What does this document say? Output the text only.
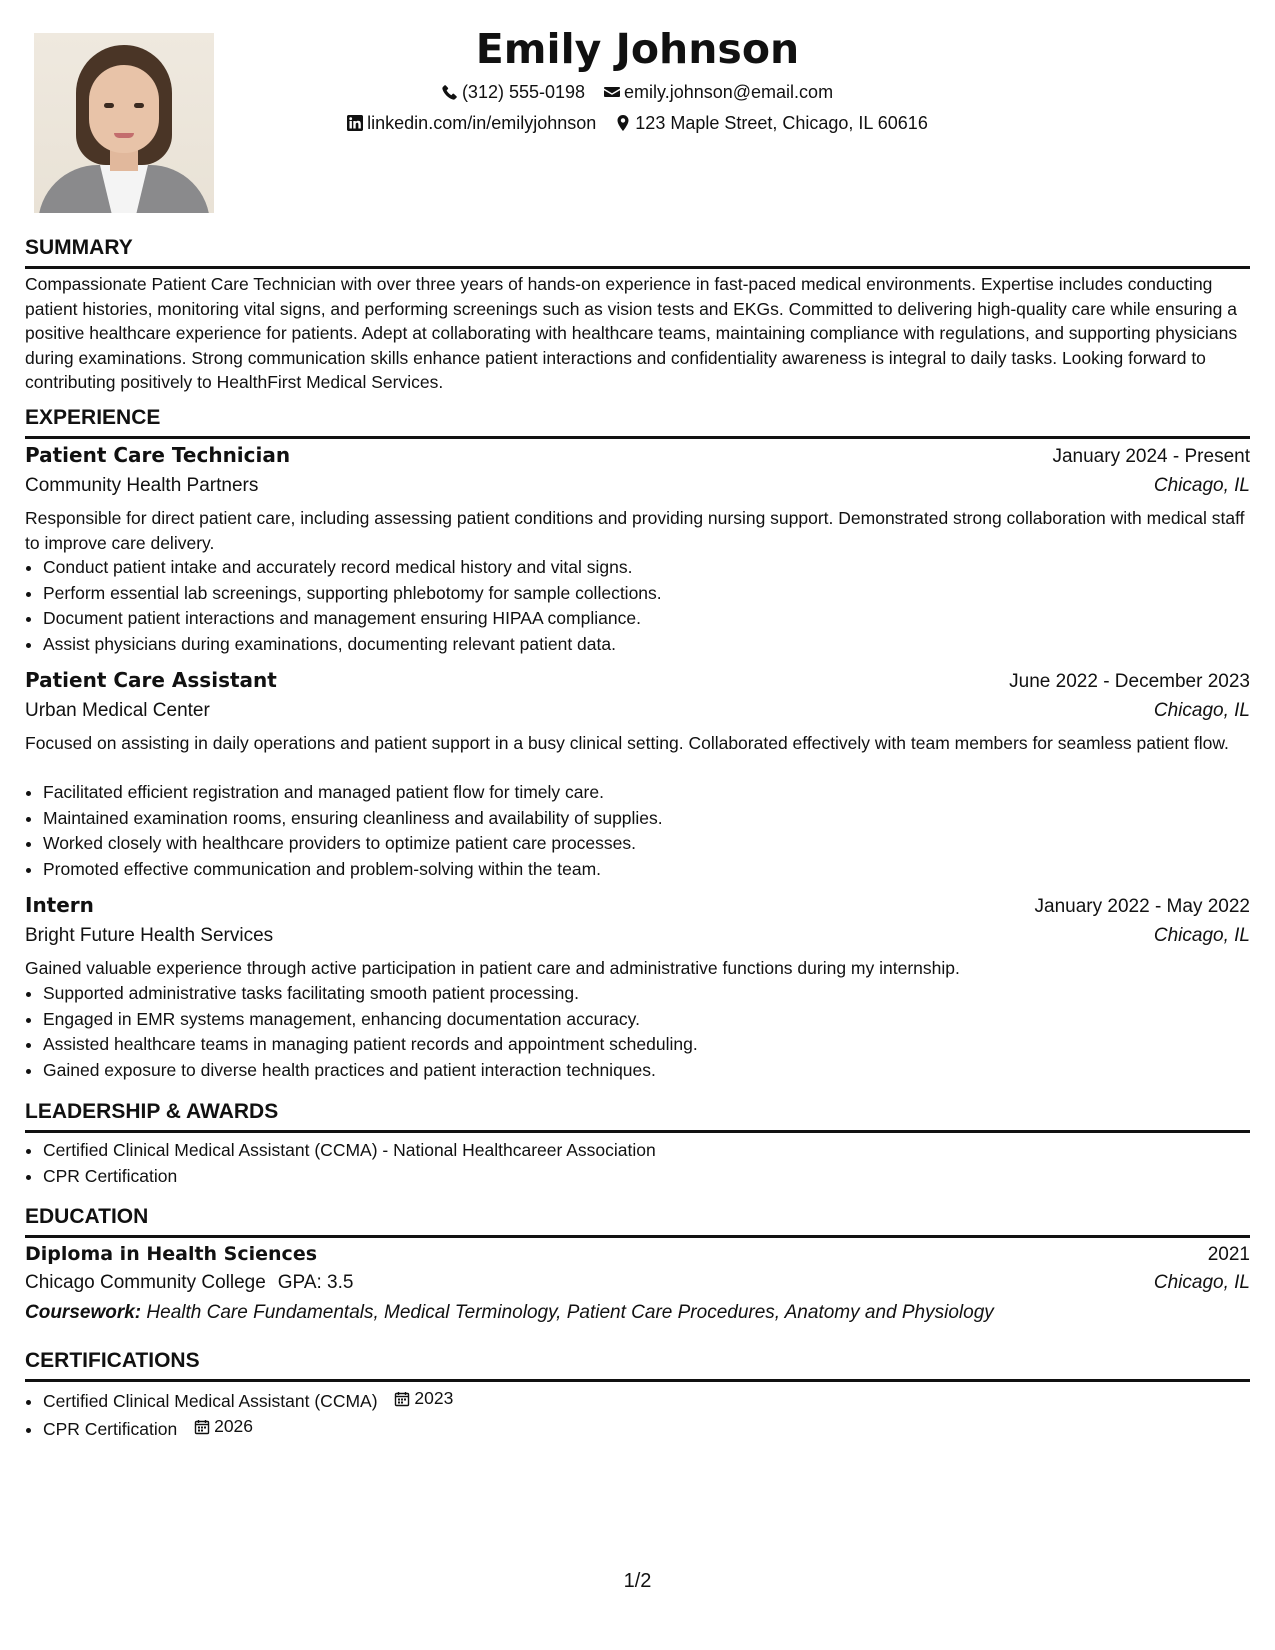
Emily Johnson
(312) 555-0198
emily.johnson@email.com
linkedin.com/in/emilyjohnson
123 Maple Street, Chicago, IL 60616
SUMMARY
Compassionate Patient Care Technician with over three years of hands-on experience in fast-paced medical environments. Expertise includes conducting patient histories, monitoring vital signs, and performing screenings such as vision tests and EKGs. Committed to delivering high-quality care while ensuring a positive healthcare experience for patients. Adept at collaborating with healthcare teams, maintaining compliance with regulations, and supporting physicians during examinations. Strong communication skills enhance patient interactions and confidentiality awareness is integral to daily tasks. Looking forward to contributing positively to HealthFirst Medical Services.
EXPERIENCE
Patient Care Technician	January 2024 - Present
Community Health Partners	Chicago, IL
Responsible for direct patient care, including assessing patient conditions and providing nursing support. Demonstrated strong collaboration with medical staff to improve care delivery.
• Conduct patient intake and accurately record medical history and vital signs.
• Perform essential lab screenings, supporting phlebotomy for sample collections.
• Document patient interactions and management ensuring HIPAA compliance.
• Assist physicians during examinations, documenting relevant patient data.
Patient Care Assistant	June 2022 - December 2023
Urban Medical Center	Chicago, IL
Focused on assisting in daily operations and patient support in a busy clinical setting. Collaborated effectively with team members for seamless patient flow.
• Facilitated efficient registration and managed patient flow for timely care.
• Maintained examination rooms, ensuring cleanliness and availability of supplies.
• Worked closely with healthcare providers to optimize patient care processes.
• Promoted effective communication and problem-solving within the team.
Intern	January 2022 - May 2022
Bright Future Health Services	Chicago, IL
Gained valuable experience through active participation in patient care and administrative functions during my internship.
• Supported administrative tasks facilitating smooth patient processing.
• Engaged in EMR systems management, enhancing documentation accuracy.
• Assisted healthcare teams in managing patient records and appointment scheduling.
• Gained exposure to diverse health practices and patient interaction techniques.
LEADERSHIP & AWARDS
• Certified Clinical Medical Assistant (CCMA) - National Healthcareer Association
• CPR Certification
EDUCATION
Diploma in Health Sciences	2021
Chicago Community College GPA: 3.5	Chicago, IL
Coursework: Health Care Fundamentals, Medical Terminology, Patient Care Procedures, Anatomy and Physiology
CERTIFICATIONS
• Certified Clinical Medical Assistant (CCMA) 2023
• CPR Certification 2026
1/2
